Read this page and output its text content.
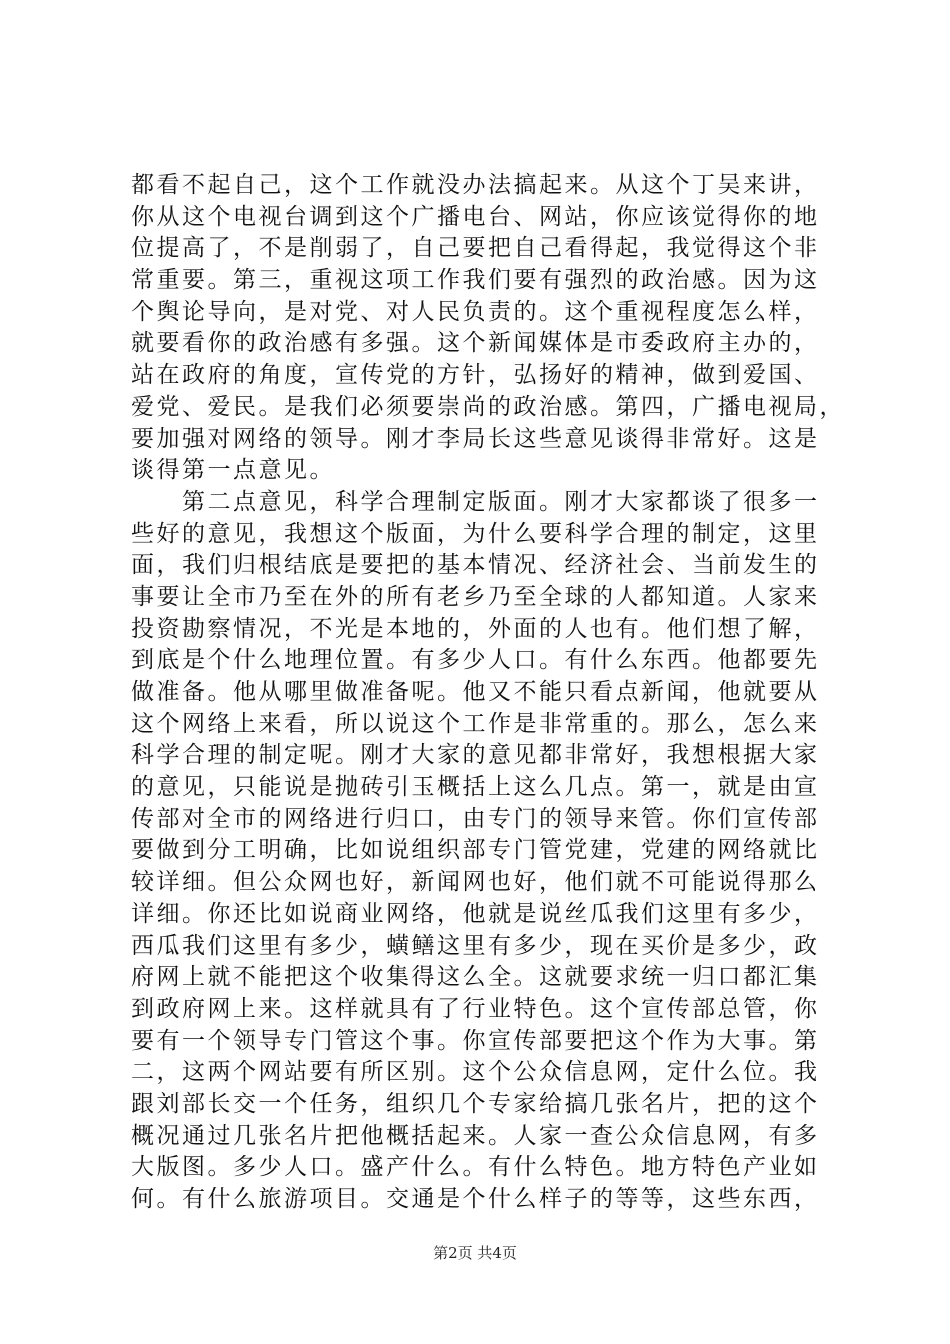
都看不起自己，这个工作就没办法搞起来。从这个丁吴来讲，
你从这个电视台调到这个广播电台、网站，你应该觉得你的地
位提高了，不是削弱了，自己要把自己看得起，我觉得这个非
常重要。第三，重视这项工作我们要有强烈的政治感。因为这
个舆论导向，是对党、对人民负责的。这个重视程度怎么样，
就要看你的政治感有多强。这个新闻媒体是市委政府主办的，
站在政府的角度，宣传党的方针，弘扬好的精神，做到爱国、
爱党、爱民。是我们必须要崇尚的政治感。第四，广播电视局，
要加强对网络的领导。刚才李局长这些意见谈得非常好。这是
谈得第一点意见。
　　第二点意见，科学合理制定版面。刚才大家都谈了很多一
些好的意见，我想这个版面，为什么要科学合理的制定，这里
面，我们归根结底是要把的基本情况、经济社会、当前发生的
事要让全市乃至在外的所有老乡乃至全球的人都知道。人家来
投资勘察情况，不光是本地的，外面的人也有。他们想了解，
到底是个什么地理位置。有多少人口。有什么东西。他都要先
做准备。他从哪里做准备呢。他又不能只看点新闻，他就要从
这个网络上来看，所以说这个工作是非常重的。那么，怎么来
科学合理的制定呢。刚才大家的意见都非常好，我想根据大家
的意见，只能说是抛砖引玉概括上这么几点。第一，就是由宣
传部对全市的网络进行归口，由专门的领导来管。你们宣传部
要做到分工明确，比如说组织部专门管党建，党建的网络就比
较详细。但公众网也好，新闻网也好，他们就不可能说得那么
详细。你还比如说商业网络，他就是说丝瓜我们这里有多少，
西瓜我们这里有多少，蟥鳝这里有多少，现在买价是多少，政
府网上就不能把这个收集得这么全。这就要求统一归口都汇集
到政府网上来。这样就具有了行业特色。这个宣传部总管，你
要有一个领导专门管这个事。你宣传部要把这个作为大事。第
二，这两个网站要有所区别。这个公众信息网，定什么位。我
跟刘部长交一个任务，组织几个专家给搞几张名片，把的这个
概况通过几张名片把他概括起来。人家一查公众信息网，有多
大版图。多少人口。盛产什么。有什么特色。地方特色产业如
何。有什么旅游项目。交通是个什么样子的等等，这些东西，
第2页 共4页
